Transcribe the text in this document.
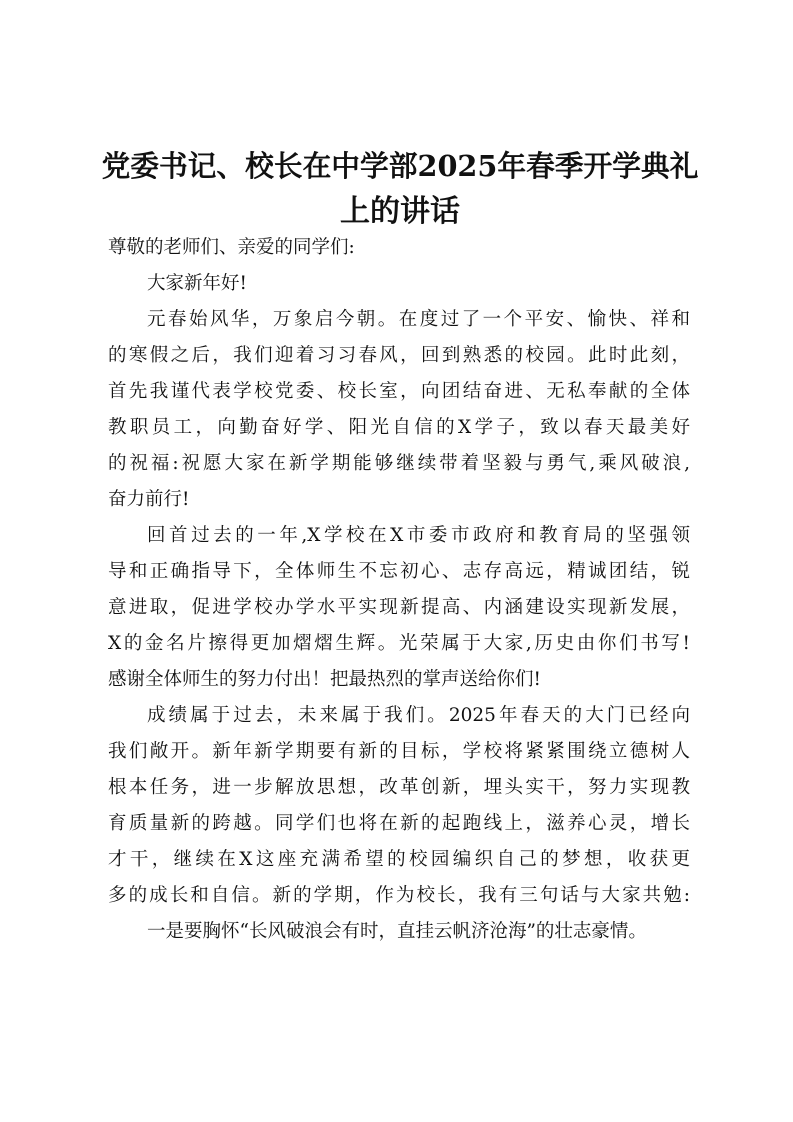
党委书记、校长在中学部2025年春季开学典礼
上的讲话

尊敬的老师们、亲爱的同学们:

大家新年好!

元春始风华，万象启今朝。在度过了一个平安、愉快、祥和
的寒假之后，我们迎着习习春风，回到熟悉的校园。此时此刻，
首先我谨代表学校党委、校长室，向团结奋进、无私奉献的全体
教职员工，向勤奋好学、阳光自信的X学子，致以春天最美好
的祝福:祝愿大家在新学期能够继续带着坚毅与勇气,乘风破浪,
奋力前行!

回首过去的一年,X学校在X市委市政府和教育局的坚强领
导和正确指导下，全体师生不忘初心、志存高远，精诚团结，锐
意进取，促进学校办学水平实现新提高、内涵建设实现新发展，
X的金名片擦得更加熠熠生辉。光荣属于大家,历史由你们书写!
感谢全体师生的努力付出！把最热烈的掌声送给你们!

成绩属于过去，未来属于我们。2025年春天的大门已经向
我们敞开。新年新学期要有新的目标，学校将紧紧围绕立德树人
根本任务，进一步解放思想，改革创新，埋头实干，努力实现教
育质量新的跨越。同学们也将在新的起跑线上，滋养心灵，增长
才干，继续在X这座充满希望的校园编织自己的梦想，收获更
多的成长和自信。新的学期，作为校长，我有三句话与大家共勉:

一是要胸怀“长风破浪会有时，直挂云帆济沧海”的壮志豪情。
